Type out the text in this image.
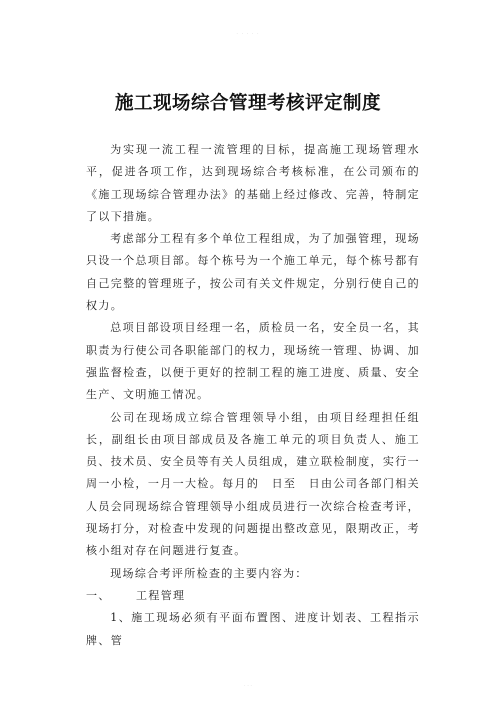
· · · · ·
施工现场综合管理考核评定制度

为实现一流工程一流管理的目标，提高施工现场管理水平，促进各项工作，达到现场综合考核标准，在公司颁布的《施工现场综合管理办法》的基础上经过修改、完善，特制定了以下措施。

考虑部分工程有多个单位工程组成，为了加强管理，现场只设一个总项目部。每个栋号为一个施工单元，每个栋号都有自己完整的管理班子，按公司有关文件规定，分别行使自己的权力。

总项目部设项目经理一名，质检员一名，安全员一名，其职责为行使公司各职能部门的权力，现场统一管理、协调、加强监督检查，以便于更好的控制工程的施工进度、质量、安全生产、文明施工情况。

公司在现场成立综合管理领导小组，由项目经理担任组长，副组长由项目部成员及各施工单元的项目负责人、施工员、技术员、安全员等有关人员组成，建立联检制度，实行一周一小检，一月一大检。每月的　日至　日由公司各部门相关人员会同现场综合管理领导小组成员进行一次综合检查考评，现场打分，对检查中发现的问题提出整改意见，限期改正，考核小组对存在问题进行复查。

现场综合考评所检查的主要内容为：

一、 工程管理

1、施工现场必须有平面布置图、进度计划表、工程指示牌、管

· · ·
